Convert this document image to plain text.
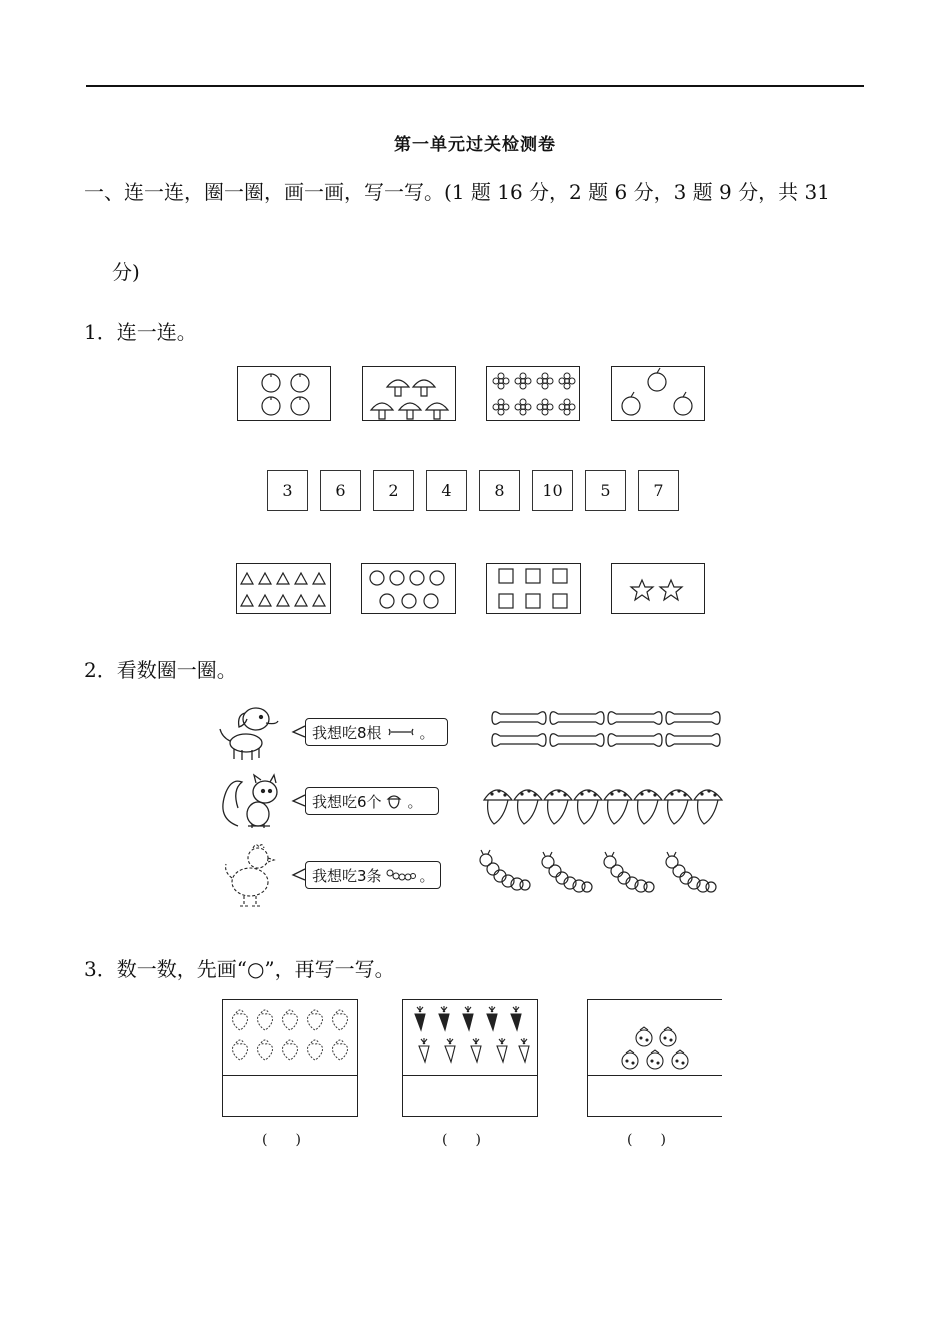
第一单元过关检测卷
一、连一连，圈一圈，画一画，写一写。(1 题 16 分，2 题 6 分，3 题 9 分，共 31
分)
1．连一连。
3	6	2	4	8	10	5	7
2．看数圈一圈。
我想吃8根	。
我想吃6个 。
我想吃3条	。
3．数一数，先画“○”，再写一写。
(　　)	(　　)	(　　)
